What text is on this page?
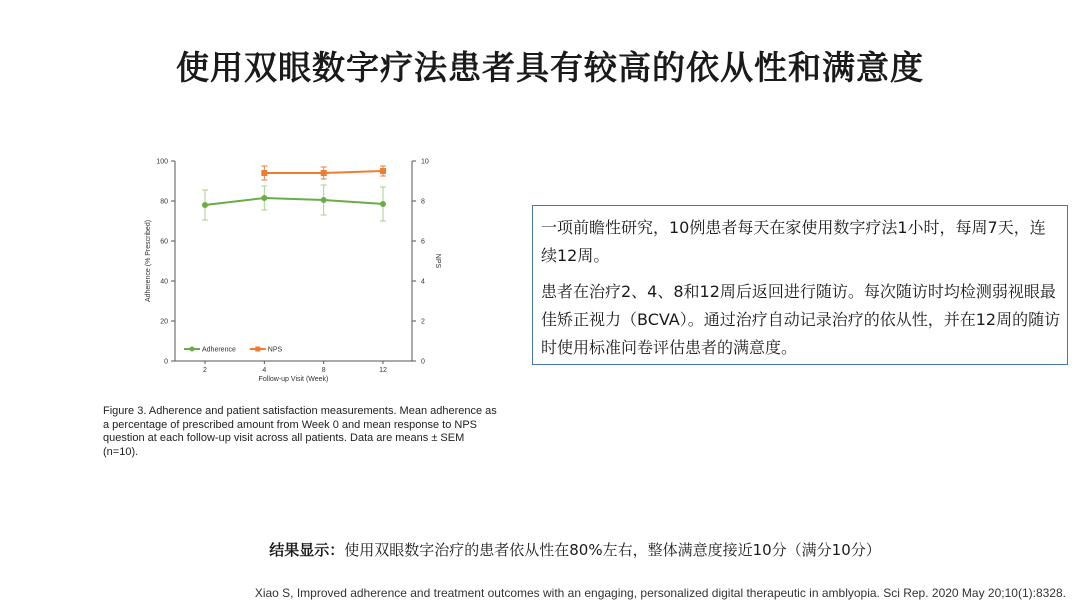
使用双眼数字疗法患者具有较高的依从性和满意度
0
20
40
60
80
100
0
2
4
6
8
10
2	4	8	12
Follow-up Visit (Week)
Adherence (% Prescribed)	NPS
Adherence	NPS
Figure 3. Adherence and patient satisfaction measurements. Mean adherence as a percentage of prescribed amount from Week 0 and mean response to NPS question at each follow-up visit across all patients. Data are means ± SEM (n=10).

一项前瞻性研究，10例患者每天在家使用数字疗法1小时，每周7天，连续12周。

患者在治疗2、4、8和12周后返回进行随访。每次随访时均检测弱视眼最佳矫正视力（BCVA）。通过治疗自动记录治疗的依从性，并在12周的随访时使用标准问卷评估患者的满意度。

结果显示：使用双眼数字治疗的患者依从性在80%左右，整体满意度接近10分（满分10分）
Xiao S, Improved adherence and treatment outcomes with an engaging, personalized digital therapeutic in amblyopia. Sci Rep. 2020 May 20;10(1):8328.
